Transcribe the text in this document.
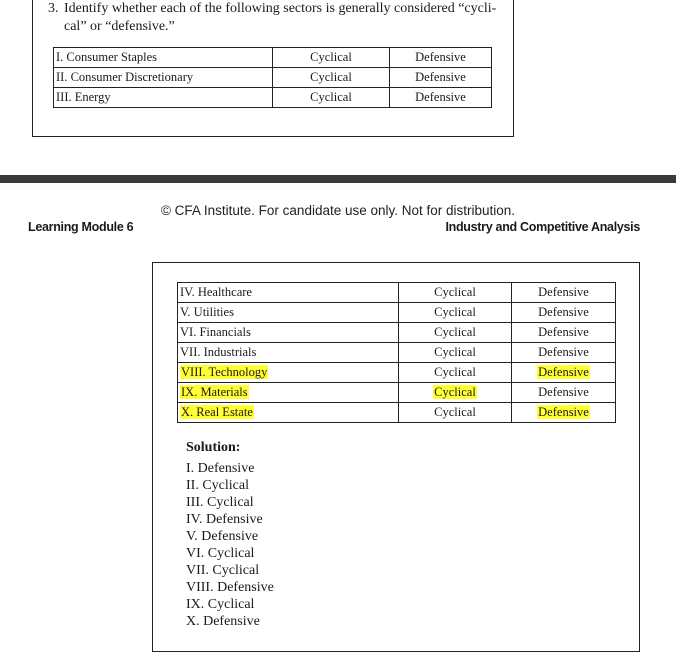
3. Identify whether each of the following sectors is generally considered “cycli-cal” or “defensive.”
I. Consumer Staples	Cyclical	Defensive
II. Consumer Discretionary	Cyclical	Defensive
III. Energy	Cyclical	Defensive
© CFA Institute. For candidate use only. Not for distribution.
Learning Module 6	Industry and Competitive Analysis
IV. Healthcare	Cyclical	Defensive
V. Utilities	Cyclical	Defensive
VI. Financials	Cyclical	Defensive
VII. Industrials	Cyclical	Defensive
VIII. Technology	Cyclical	Defensive
IX. Materials	Cyclical	Defensive
X. Real Estate	Cyclical	Defensive
Solution:
I. Defensive
II. Cyclical
III. Cyclical
IV. Defensive
V. Defensive
VI. Cyclical
VII. Cyclical
VIII. Defensive
IX. Cyclical
X. Defensive
